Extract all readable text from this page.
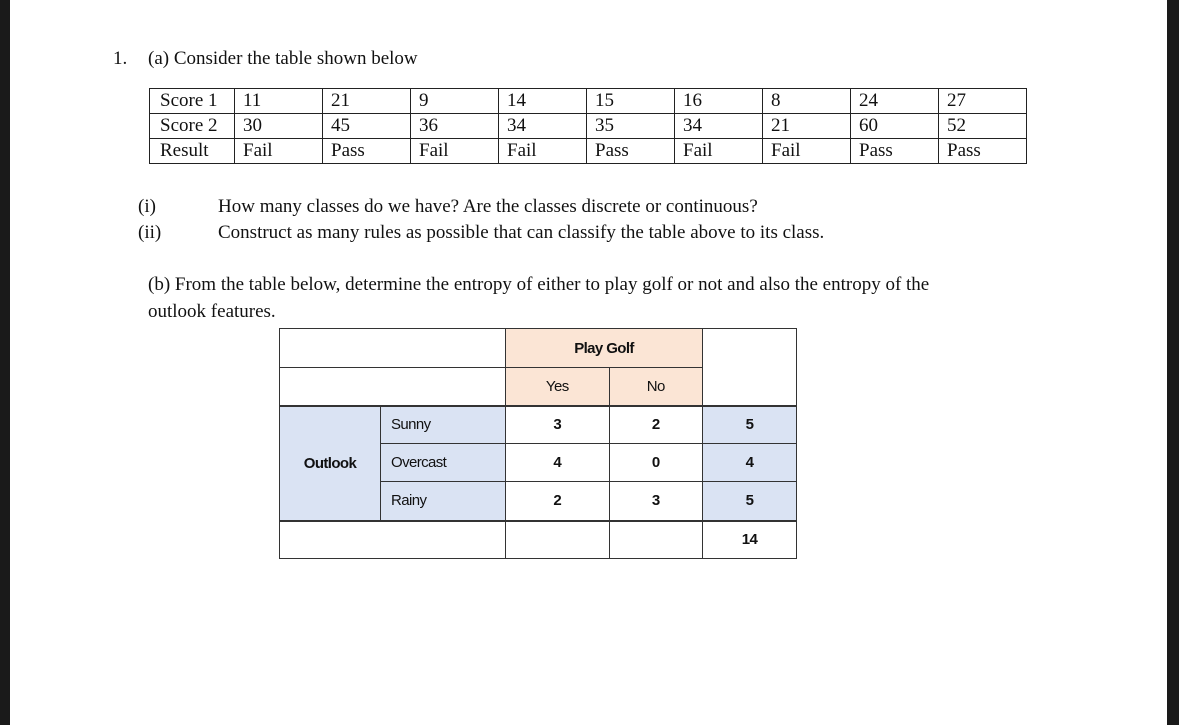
1. (a) Consider the table shown below
Score 1	11	21	9	14	15	16	8	24	27
Score 2	30	45	36	34	35	34	21	60	52
Result	Fail	Pass	Fail	Fail	Pass	Fail	Fail	Pass	Pass
(i)	How many classes do we have? Are the classes discrete or continuous?
(ii)	Construct as many rules as possible that can classify the table above to its class.
(b) From the table below, determine the entropy of either to play golf or not and also the entropy of the
outlook features.
		Play Golf		
		Yes	No	
Outlook	Sunny	3	2	5
	Overcast	4	0	4
	Rainy	2	3	5
				14
